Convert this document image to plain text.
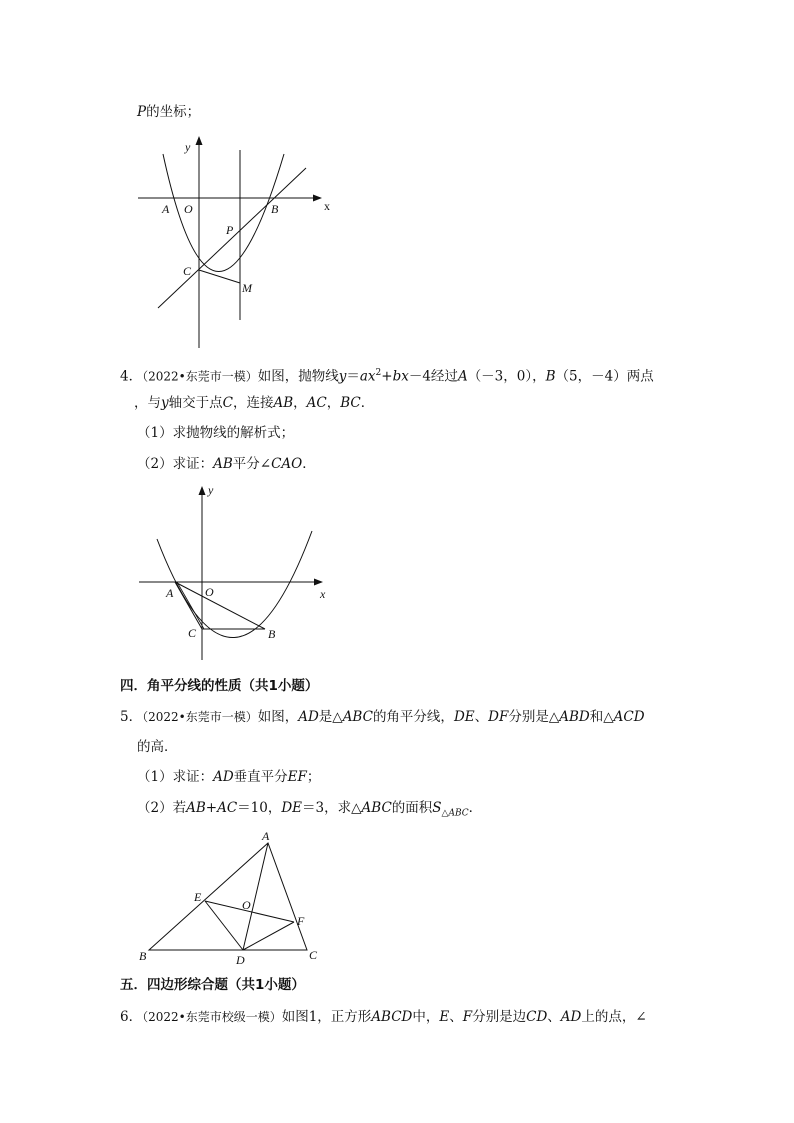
P的坐标；
y
x
A O	B
P
C
M
4．（2022•东莞市一模）如图，抛物线$y=ax^2+bx-4$经过A（－3，0），B（5，－4）两点
，与y轴交于点C，连接AB，AC，BC．
（1）求抛物线的解析式；
（2）求证：AB平分∠CAO．
y
x
A	O
C	B
四．角平分线的性质（共1小题）
5．（2022•东莞市一模）如图，AD是△ABC的角平分线，DE、DF分别是△ABD和△ACD
的高．
（1）求证：AD垂直平分EF；
（2）若AB+AC＝10，DE＝3，求△ABC的面积$S_{\triangle ABC}$．
A
E
O
F
B	D	C
五．四边形综合题（共1小题）
6．（2022•东莞市校级一模）如图1，正方形ABCD中，E、F分别是边CD、AD上的点，∠
